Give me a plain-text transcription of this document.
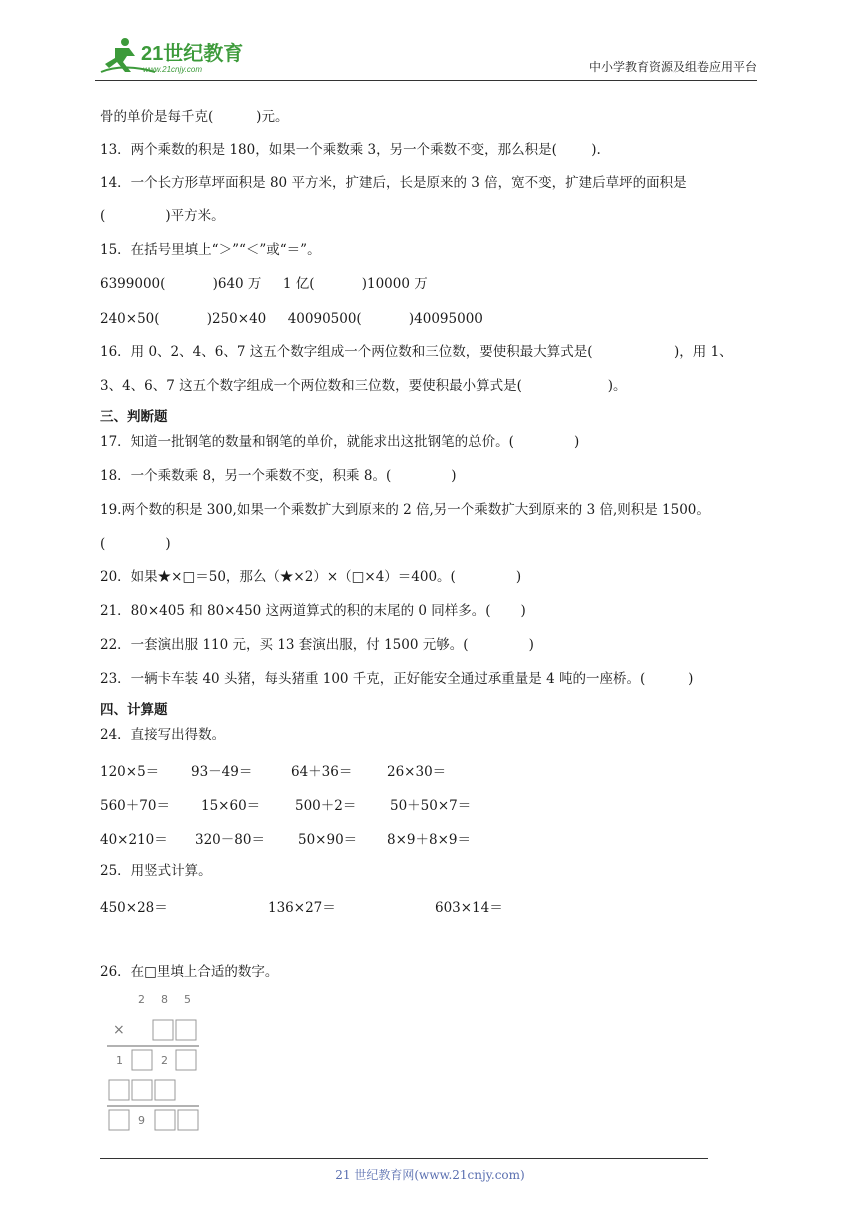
21世纪教育
www.21cnjy.com	中小学教育资源及组卷应用平台
骨的单价是每千克(          )元。
13．两个乘数的积是 180，如果一个乘数乘 3，另一个乘数不变，那么积是(        ).
14．一个长方形草坪面积是 80 平方米，扩建后，长是原来的 3 倍，宽不变，扩建后草坪的面积是
(              )平方米。
15．在括号里填上“＞”“＜”或“＝”。
6399000(           )640 万     1 亿(           )10000 万
240×50(           )250×40     40090500(           )40095000
16．用 0、2、4、6、7 这五个数字组成一个两位数和三位数，要使积最大算式是(                   )，用 1、
3、4、6、7 这五个数字组成一个两位数和三位数，要使积最小算式是(                    )。
三、判断题
17．知道一批钢笔的数量和钢笔的单价，就能求出这批钢笔的总价。(              )
18．一个乘数乘 8，另一个乘数不变，积乘 8。(              )
19.两个数的积是 300,如果一个乘数扩大到原来的 2 倍,另一个乘数扩大到原来的 3 倍,则积是 1500。
(              )
20．如果★×□＝50，那么（★×2）×（□×4）＝400。(              )
21．80×405 和 80×450 这两道算式的积的末尾的 0 同样多。(       )
22．一套演出服 110 元，买 13 套演出服，付 1500 元够。(              )
23．一辆卡车装 40 头猪，每头猪重 100 千克，正好能安全通过承重量是 4 吨的一座桥。(          )
四、计算题
24．直接写出得数。
120×5＝ 93－49＝	64＋36＝	26×30＝
560＋70＝ 15×60＝	500＋2＝ 50＋50×7＝
40×210＝ 320－80＝ 50×90＝ 8×9＋8×9＝
25．用竖式计算。
450×28＝	136×27＝	603×14＝
26．在□里填上合适的数字。
2 8 5
×
1	2
9
21 世纪教育网(www.21cnjy.com)
